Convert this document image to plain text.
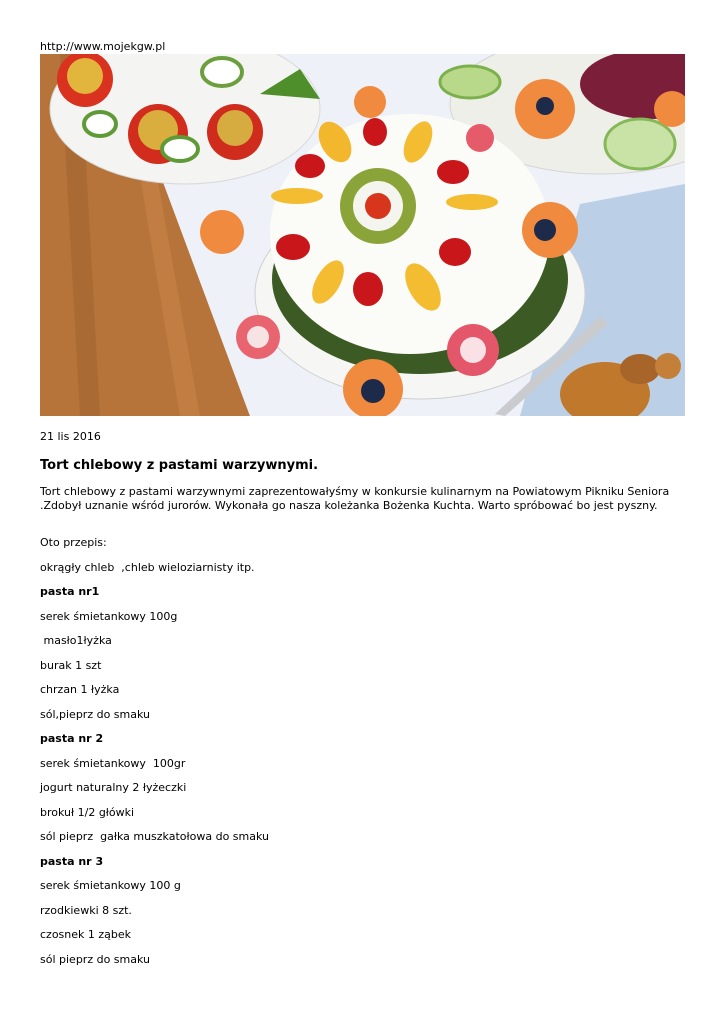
http://www.mojekgw.pl
21 lis 2016
Tort chlebowy z pastami warzywnymi.

Tort chlebowy z pastami warzywnymi zaprezentowałyśmy w konkursie kulinarnym na Powiatowym Pikniku Seniora .Zdobył uznanie wśród jurorów. Wykonała go nasza koleżanka Bożenka Kuchta. Warto spróbować bo jest pyszny.

Oto przepis:

okrągły chleb  ,chleb wieloziarnisty itp.

pasta nr1

serek śmietankowy 100g

masło1łyżka

burak 1 szt

chrzan 1 łyżka

sól,pieprz do smaku

pasta nr 2

serek śmietankowy  100gr

jogurt naturalny 2 łyżeczki

brokuł 1/2 główki

sól pieprz  gałka muszkatołowa do smaku

pasta nr 3

serek śmietankowy 100 g

rzodkiewki 8 szt.

czosnek 1 ząbek

sól pieprz do smaku
